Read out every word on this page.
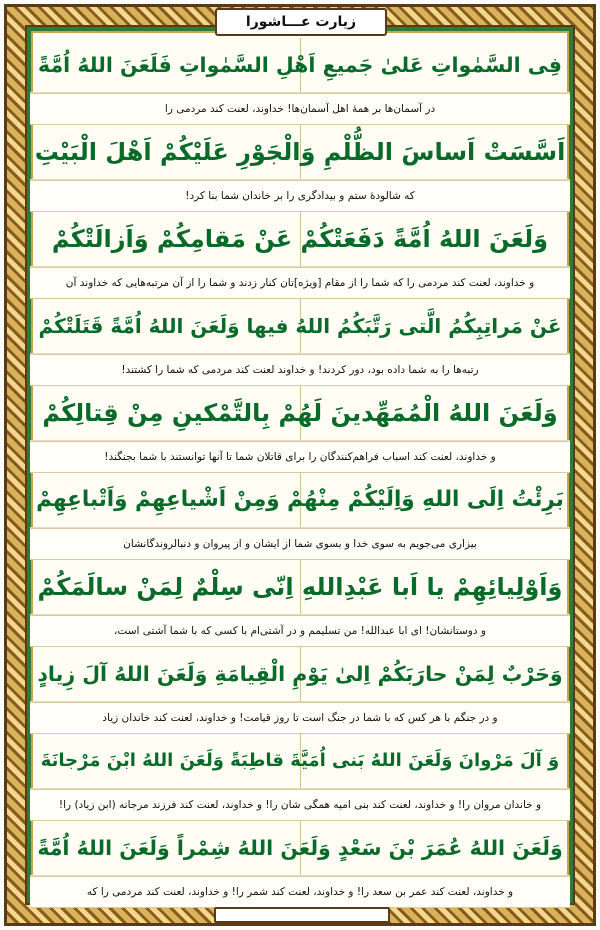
زیارت عـــاشورا
فِی السَّمٰواتِ عَلیٰ جَمیعِ اَهْلِ السَّمٰواتِ فَلَعَنَ اللهُ اُمَّةً
در آسمان‌ها بر همهٔ اهل آسمان‌ها! خداوند، لعنت کند مردمی را
اَسَّسَتْ اَساسَ الظُّلْمِ وَالْجَوْرِ عَلَیْکُمْ اَهْلَ الْبَیْتِ
که شالودهٔ ستم و بیدادگری را بر خاندان شما بنا کرد!
وَلَعَنَ اللهُ اُمَّةً دَفَعَتْکُمْ عَنْ مَقامِکُمْ وَاَزالَتْکُمْ
و خداوند، لعنت کند مردمی را که شما را از مقام [ویژه]تان کنار زدند و شما را از آن مرتبه‌هایی که خداوند آن
عَنْ مَراتِبِکُمُ الَّتی رَتَّبَکُمُ اللهُ فیها وَلَعَنَ اللهُ اُمَّةً قَتَلَتْکُمْ
رتبه‌ها را به شما داده بود، دور کردند! و خداوند لعنت کند مردمی که شما را کشتند!
وَلَعَنَ اللهُ الْمُمَهِّدینَ لَهُمْ بِالتَّمْکینِ مِنْ قِتالِکُمْ
و خداوند، لعنت کند اسباب فراهم‌کنندگان را برای قاتلان شما تا آنها توانستند با شما بجنگند!
بَرِئْتُ اِلَی اللهِ وَاِلَیْکُمْ مِنْهُمْ وَمِنْ اَشْیاعِهِمْ وَاَتْباعِهِمْ
بیزاری می‌جویم به سوی خدا و بسوی شما از ایشان و از پیروان و دنبالروندگانشان
وَاَوْلِیائِهِمْ یا اَبا عَبْدِاللهِ اِنّی سِلْمٌ لِمَنْ سالَمَکُمْ
و دوستانشان! ای ابا عبدالله! من تسلیمم و در آشتی‌ام با کسی که با شما آشتی است،
وَحَرْبٌ لِمَنْ حارَبَکُمْ اِلیٰ یَوْمِ الْقِیامَةِ وَلَعَنَ اللهُ آلَ زِیادٍ
و در جنگم با هر کس که با شما در جنگ است تا روز قیامت! و خداوند، لعنت کند خاندان زیاد
وَ آلَ مَرْوانَ وَلَعَنَ اللهُ بَنی اُمَیَّةَ قاطِبَةً وَلَعَنَ اللهُ ابْنَ مَرْجانَةَ
و خاندان مروان را! و خداوند، لعنت کند بنی امیه همگی شان را! و خداوند، لعنت کند فرزند مرجانه (ابن زیاد) را!
وَلَعَنَ اللهُ عُمَرَ بْنَ سَعْدٍ وَلَعَنَ اللهُ شِمْراً وَلَعَنَ اللهُ اُمَّةً
و خداوند، لعنت کند عمر بن سعد را! و خداوند، لعنت کند شمر را! و خداوند، لعنت کند مردمی را که
